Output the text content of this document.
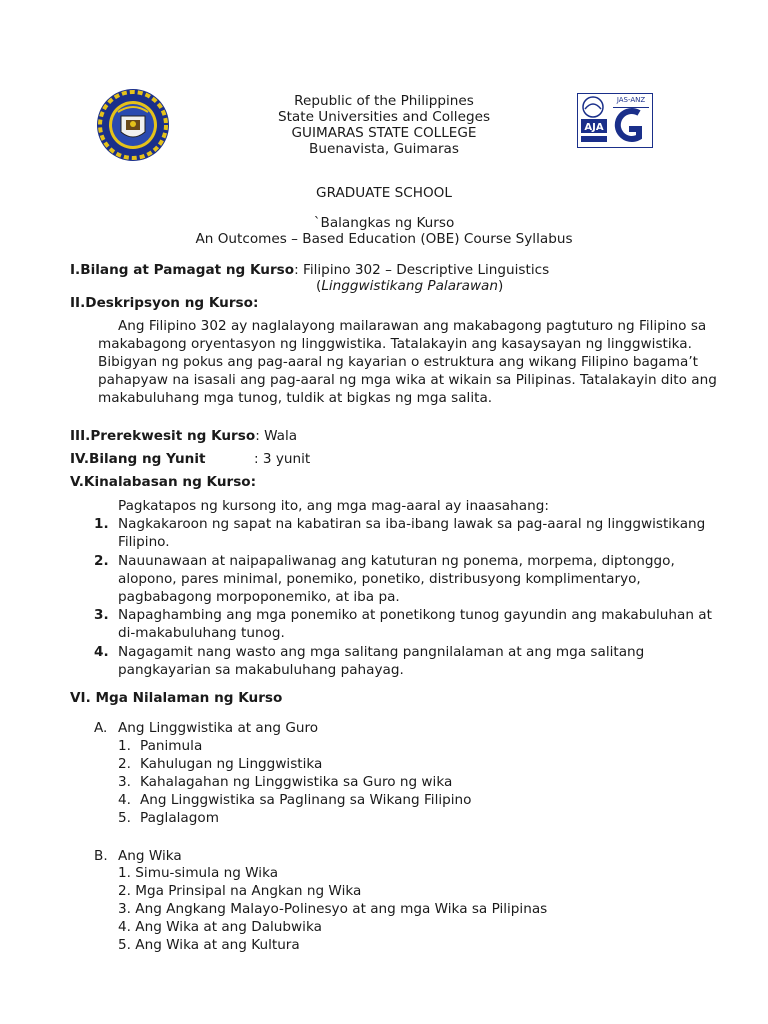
AJA
JAS-ANZ
Republic of the Philippines
State Universities and Colleges
GUIMARAS STATE COLLEGE
Buenavista, Guimaras
GRADUATE SCHOOL
`Balangkas ng Kurso
An Outcomes – Based Education (OBE) Course Syllabus
I.Bilang at Pamagat ng Kurso: Filipino 302 – Descriptive Linguistics
(Linggwistikang Palarawan)
II.Deskripsyon ng Kurso:
Ang Filipino 302 ay naglalayong mailarawan ang makabagong pagtuturo ng Filipino sa
makabagong oryentasyon ng linggwistika. Tatalakayin ang kasaysayan ng linggwistika.
Bibigyan ng pokus ang pag-aaral ng kayarian o estruktura ang wikang Filipino bagama’t
pahapyaw na isasali ang pag-aaral ng mga wika at wikain sa Pilipinas. Tatalakayin dito ang
makabuluhang mga tunog, tuldik at bigkas ng mga salita.
III.Prerekwesit ng Kurso: Wala
IV.Bilang ng Yunit	: 3 yunit
V.Kinalabasan ng Kurso:
Pagkatapos ng kursong ito, ang mga mag-aaral ay inaasahang:
1. Nagkakaroon ng sapat na kabatiran sa iba-ibang lawak sa pag-aaral ng linggwistikang
Filipino.
2. Nauunawaan at naipapaliwanag ang katuturan ng ponema, morpema, diptonggo,
alopono, pares minimal, ponemiko, ponetiko, distribusyong komplimentaryo,
pagbabagong morpoponemiko, at iba pa.
3. Napaghambing ang mga ponemiko at ponetikong tunog gayundin ang makabuluhan at
di-makabuluhang tunog.
4. Nagagamit nang wasto ang mga salitang pangnilalaman at ang mga salitang
pangkayarian sa makabuluhang pahayag.
VI. Mga Nilalaman ng Kurso
A. Ang Linggwistika at ang Guro
1. Panimula
2. Kahulugan ng Linggwistika
3. Kahalagahan ng Linggwistika sa Guro ng wika
4. Ang Linggwistika sa Paglinang sa Wikang Filipino
5. Paglalagom
B. Ang Wika
1. Simu-simula ng Wika
2. Mga Prinsipal na Angkan ng Wika
3. Ang Angkang Malayo-Polinesyo at ang mga Wika sa Pilipinas
4. Ang Wika at ang Dalubwika
5. Ang Wika at ang Kultura
